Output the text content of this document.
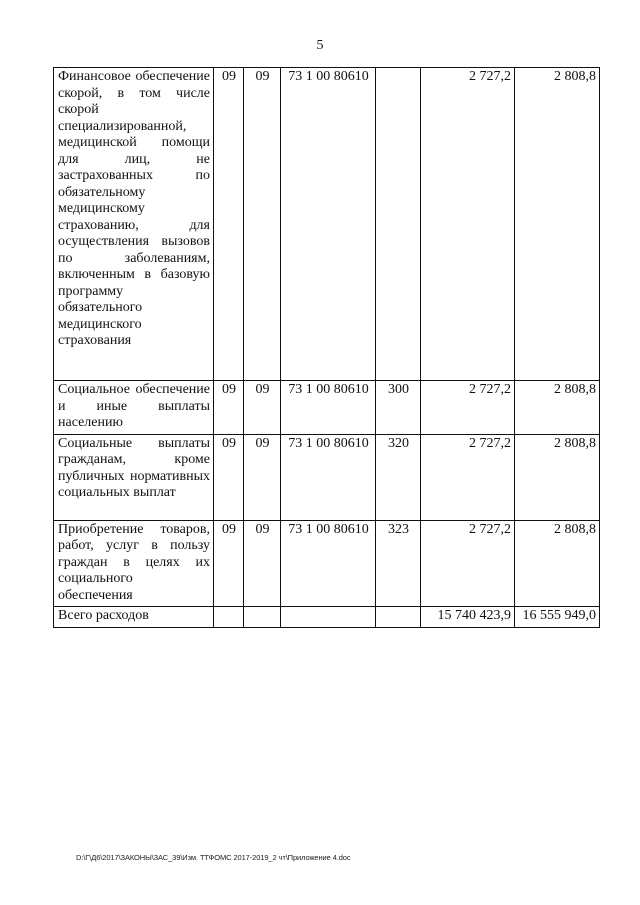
5
Финансовое обеспечение скорой, в том числе скорой специализированной, медицинской помощи для лиц, не застрахованных по обязательному медицинскому страхованию, для осуществления вызовов по заболеваниям, включенным в базовую программу обязательного медицинского страхования	09	09	73 1 00 80610		2 727,2	2 808,8
Социальное обеспечение и иные выплаты населению	09	09	73 1 00 80610	300	2 727,2	2 808,8
Социальные выплаты гражданам, кроме публичных нормативных социальных выплат	09	09	73 1 00 80610	320	2 727,2	2 808,8
Приобретение товаров, работ, услуг в пользу граждан в целях их социального обеспечения	09	09	73 1 00 80610	323	2 727,2	2 808,8
Всего расходов					15 740 423,9	16 555 949,0
D:\Г\Д6\2017\ЗАКОНЫ\ЗАС_39\Изм. ТТФОМС 2017-2019_2 чт\Приложение 4.doc
